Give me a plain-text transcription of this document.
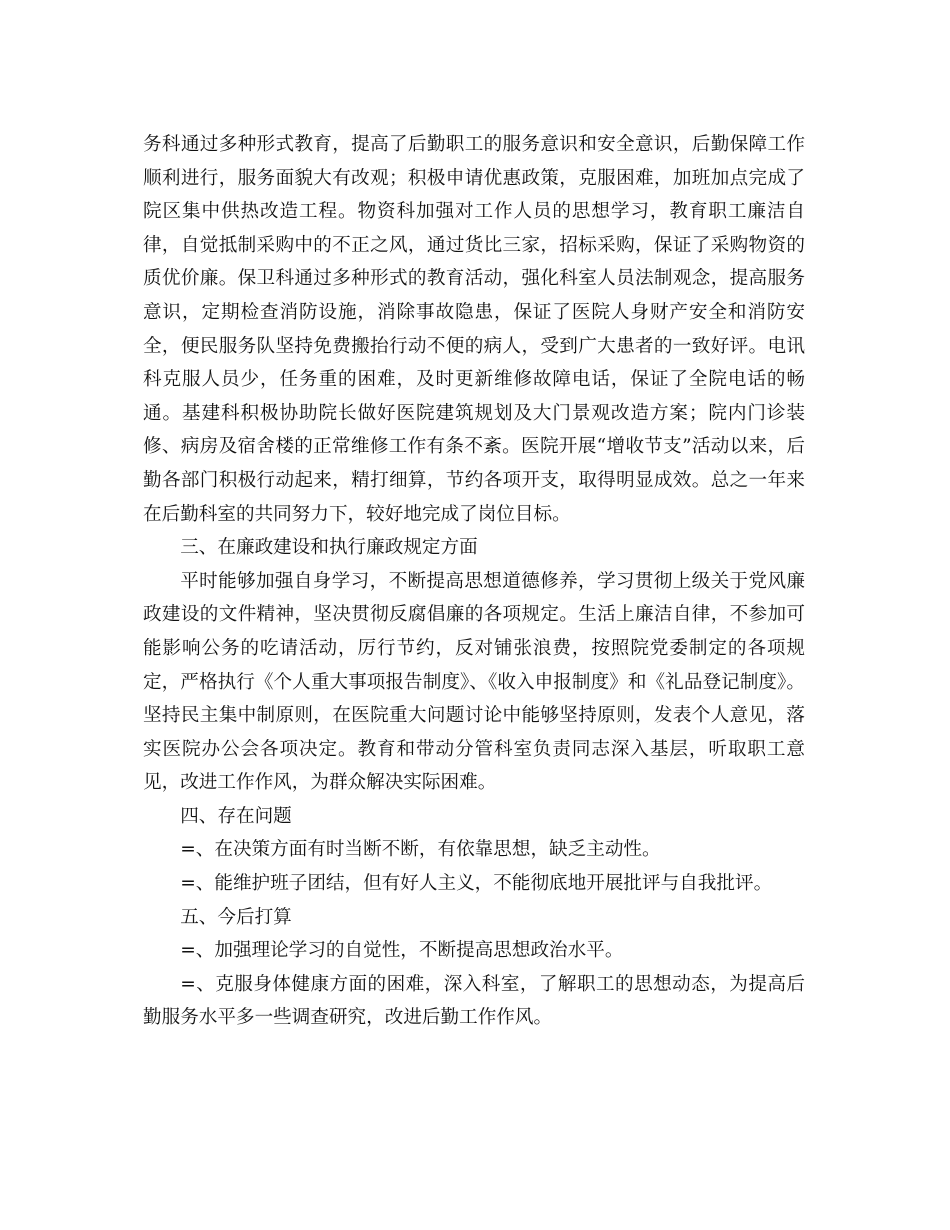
务科通过多种形式教育，提高了后勤职工的服务意识和安全意识，后勤保障工作顺利进行，服务面貌大有改观；积极申请优惠政策，克服困难，加班加点完成了院区集中供热改造工程。物资科加强对工作人员的思想学习，教育职工廉洁自律，自觉抵制采购中的不正之风，通过货比三家，招标采购，保证了采购物资的质优价廉。保卫科通过多种形式的教育活动，强化科室人员法制观念，提高服务意识，定期检查消防设施，消除事故隐患，保证了医院人身财产安全和消防安全，便民服务队坚持免费搬抬行动不便的病人，受到广大患者的一致好评。电讯科克服人员少，任务重的困难，及时更新维修故障电话，保证了全院电话的畅通。基建科积极协助院长做好医院建筑规划及大门景观改造方案；院内门诊装修、病房及宿舍楼的正常维修工作有条不紊。医院开展“增收节支”活动以来，后勤各部门积极行动起来，精打细算，节约各项开支，取得明显成效。总之一年来在后勤科室的共同努力下，较好地完成了岗位目标。

三、在廉政建设和执行廉政规定方面

平时能够加强自身学习，不断提高思想道德修养，学习贯彻上级关于党风廉政建设的文件精神，坚决贯彻反腐倡廉的各项规定。生活上廉洁自律，不参加可能影响公务的吃请活动，厉行节约，反对铺张浪费，按照院党委制定的各项规定，严格执行《个人重大事项报告制度》、《收入申报制度》和《礼品登记制度》。坚持民主集中制原则，在医院重大问题讨论中能够坚持原则，发表个人意见，落实医院办公会各项决定。教育和带动分管科室负责同志深入基层，听取职工意见，改进工作作风，为群众解决实际困难。

四、存在问题

=、在决策方面有时当断不断，有依靠思想，缺乏主动性。

=、能维护班子团结，但有好人主义，不能彻底地开展批评与自我批评。

五、今后打算

=、加强理论学习的自觉性，不断提高思想政治水平。

=、克服身体健康方面的困难，深入科室，了解职工的思想动态，为提高后勤服务水平多一些调查研究，改进后勤工作作风。
